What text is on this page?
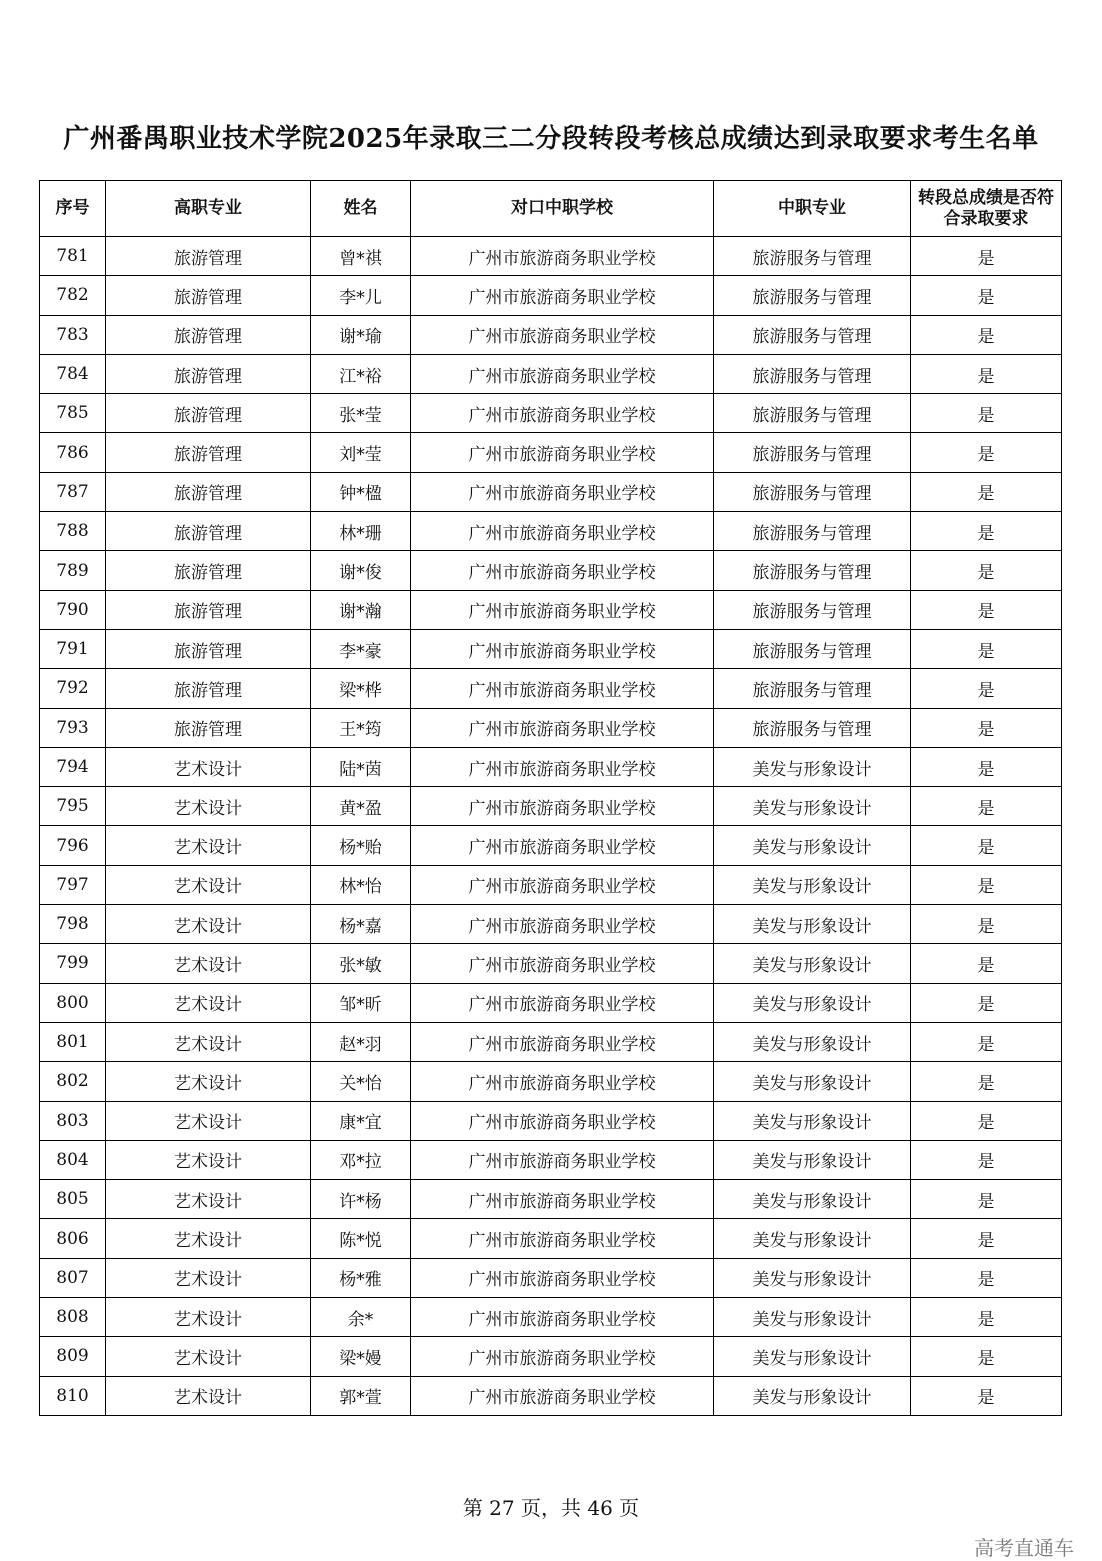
广州番禺职业技术学院2025年录取三二分段转段考核总成绩达到录取要求考生名单
序号	高职专业	姓名	对口中职学校	中职专业	转段总成绩是否符合录取要求
781	旅游管理	曾*祺	广州市旅游商务职业学校	旅游服务与管理	是
782	旅游管理	李*儿	广州市旅游商务职业学校	旅游服务与管理	是
783	旅游管理	谢*瑜	广州市旅游商务职业学校	旅游服务与管理	是
784	旅游管理	江*裕	广州市旅游商务职业学校	旅游服务与管理	是
785	旅游管理	张*莹	广州市旅游商务职业学校	旅游服务与管理	是
786	旅游管理	刘*莹	广州市旅游商务职业学校	旅游服务与管理	是
787	旅游管理	钟*楹	广州市旅游商务职业学校	旅游服务与管理	是
788	旅游管理	林*珊	广州市旅游商务职业学校	旅游服务与管理	是
789	旅游管理	谢*俊	广州市旅游商务职业学校	旅游服务与管理	是
790	旅游管理	谢*瀚	广州市旅游商务职业学校	旅游服务与管理	是
791	旅游管理	李*豪	广州市旅游商务职业学校	旅游服务与管理	是
792	旅游管理	梁*桦	广州市旅游商务职业学校	旅游服务与管理	是
793	旅游管理	王*筠	广州市旅游商务职业学校	旅游服务与管理	是
794	艺术设计	陆*茵	广州市旅游商务职业学校	美发与形象设计	是
795	艺术设计	黄*盈	广州市旅游商务职业学校	美发与形象设计	是
796	艺术设计	杨*贻	广州市旅游商务职业学校	美发与形象设计	是
797	艺术设计	林*怡	广州市旅游商务职业学校	美发与形象设计	是
798	艺术设计	杨*嘉	广州市旅游商务职业学校	美发与形象设计	是
799	艺术设计	张*敏	广州市旅游商务职业学校	美发与形象设计	是
800	艺术设计	邹*昕	广州市旅游商务职业学校	美发与形象设计	是
801	艺术设计	赵*羽	广州市旅游商务职业学校	美发与形象设计	是
802	艺术设计	关*怡	广州市旅游商务职业学校	美发与形象设计	是
803	艺术设计	康*宜	广州市旅游商务职业学校	美发与形象设计	是
804	艺术设计	邓*拉	广州市旅游商务职业学校	美发与形象设计	是
805	艺术设计	许*杨	广州市旅游商务职业学校	美发与形象设计	是
806	艺术设计	陈*悦	广州市旅游商务职业学校	美发与形象设计	是
807	艺术设计	杨*雅	广州市旅游商务职业学校	美发与形象设计	是
808	艺术设计	余*	广州市旅游商务职业学校	美发与形象设计	是
809	艺术设计	梁*嫚	广州市旅游商务职业学校	美发与形象设计	是
810	艺术设计	郭*萱	广州市旅游商务职业学校	美发与形象设计	是
第 27 页，共 46 页
高考直通车
